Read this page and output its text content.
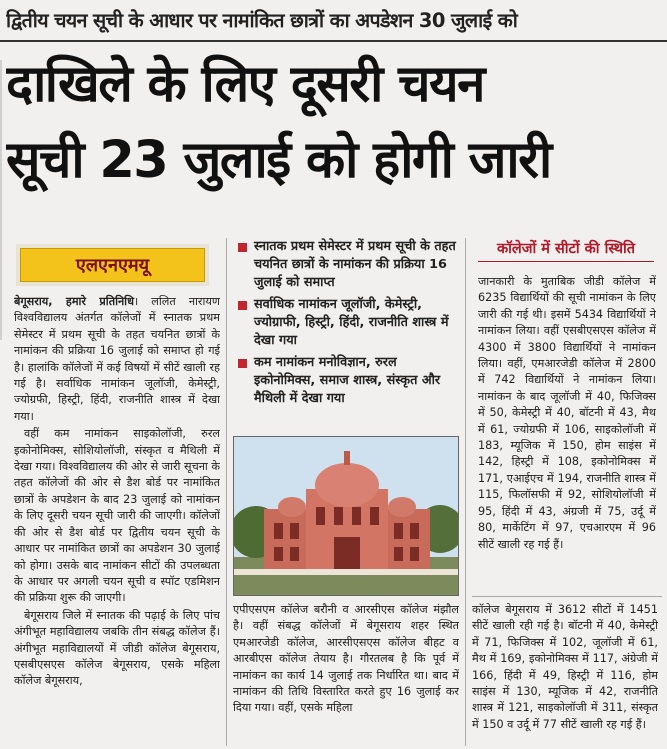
द्वितीय चयन सूची के आधार पर नामांकित छात्रों का अपडेशन 30 जुलाई को
दाखिले के लिए दूसरी चयन
सूची 23 जुलाई को होगी जारी
एलएनएमयू

बेगूसराय, हमारे प्रतिनिधि। ललित नारायण विश्वविद्यालय अंतर्गत कॉलेजों में स्नातक प्रथम सेमेस्टर में प्रथम सूची के तहत चयनित छात्रों के नामांकन की प्रक्रिया 16 जुलाई को समाप्त हो गई है। हालांकि कॉलेजों में कई विषयों में सीटें खाली रह गई है। सर्वाधिक नामांकन जूलॉजी, केमेस्ट्री, ज्योग्रफी, हिस्ट्री, हिंदी, राजनीति शास्त्र में देखा गया।

वहीं कम नामांकन साइकोलॉजी, रुरल इकोनोमिक्स, सोशियोलॉजी, संस्कृत व मैथिली में देखा गया। विश्वविद्यालय की ओर से जारी सूचना के तहत कॉलेजों की ओर से डैश बोर्ड पर नामांकित छात्रों के अपडेशन के बाद 23 जुलाई को नामांकन के लिए दूसरी चयन सूची जारी की जाएगी। कॉलेजों की ओर से डैश बोर्ड पर द्वितीय चयन सूची के आधार पर नामांकित छात्रों का अपडेशन 30 जुलाई को होगा। उसके बाद नामांकन सीटों की उपलब्धता के आधार पर अगली चयन सूची व स्पॉट एडमिशन की प्रक्रिया शुरू की जाएगी।

बेगूसराय जिले में स्नातक की पढ़ाई के लिए पांच अंगीभूत महाविद्यालय जबकि तीन संबद्ध कॉलेज हैं। अंगीभूत महाविद्यालयों में जीडी कॉलेज बेगूसराय, एसबीएसएस कॉलेज बेगूसराय, एसके महिला कॉलेज बेगूसराय,

स्नातक प्रथम सेमेस्टर में प्रथम सूची के तहत चयनित छात्रों के नामांकन की प्रक्रिया 16 जुलाई को समाप्त
सर्वाधिक नामांकन जूलॉजी, केमेस्ट्री, ज्योग्राफी, हिस्ट्री, हिंदी, राजनीति शास्त्र में देखा गया
कम नामांकन मनोविज्ञान, रुरल इकोनोमिक्स, समाज शास्त्र, संस्कृत और मैथिली में देखा गया

एपीएसएम कॉलेज बरौनी व आरसीएस कॉलेज मंझौल है। वहीं संबद्ध कॉलेजों में बेगूसराय शहर स्थित एमआरजेडी कॉलेज, आरसीएसएस कॉलेज बीहट व आरबीएस कॉलेज तेयाय है। गौरतलब है कि पूर्व में नामांकन का कार्य 14 जुलाई तक निर्धारित था। बाद में नामांकन की तिथि विस्तारित करते हुए 16 जुलाई कर दिया गया। वहीं, एसके महिला

कॉलेजों में सीटों की स्थिति

जानकारी के मुताबिक जीडी कॉलेज में 6235 विद्यार्थियों की सूची नामांकन के लिए जारी की गई थी। इसमें 5434 विद्यार्थियों ने नामांकन लिया। वहीं एसबीएसएस कॉलेज में 4300 में 3800 विद्यार्थियों ने नामांकन लिया। वहीं, एमआरजेडी कॉलेज में 2800 में 742 विद्यार्थियों ने नामांकन लिया। नामांकन के बाद जूलॉजी में 40, फिजिक्स में 50, केमेस्ट्री में 40, बॉटनी में 43, मैथ में 61, ज्योग्रफी में 106, साइकोलॉजी में 183, म्यूजिक में 150, होम साइंस में 142, हिस्ट्री में 108, इकोनोमिक्स में 171, एआईएच में 194, राजनीति शास्त्र में 115, फिलॉसफी में 92, सोशियोलॉजी में 95, हिंदी में 43, अंग्रजी में 75, उर्दू में 80, मार्केटिंग में 97, एचआरएम में 96 सीटें खाली रह गई हैं।

कॉलेज बेगूसराय में 3612 सीटों में 1451 सीटें खाली रही गई है। बॉटनी में 40, केमेस्ट्री में 71, फिजिक्स में 102, जूलॉजी में 61, मैथ में 169, इकोनोमिक्स में 117, अंग्रेजी में 166, हिंदी में 49, हिस्ट्री में 116, होम साइंस में 130, म्यूजिक में 42, राजनीति शास्त्र में 121, साइकोलॉजी में 311, संस्कृत में 150 व उर्दू में 77 सीटें खाली रह गई हैं।
